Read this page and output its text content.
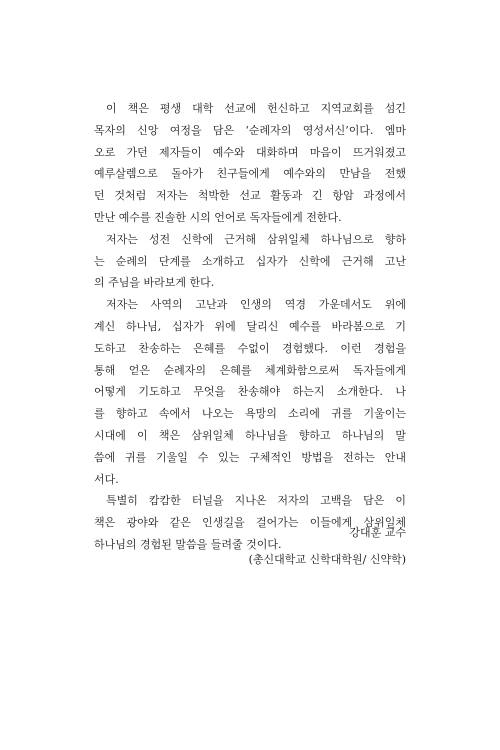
이 책은 평생 대학 선교에 헌신하고 지역교회를 섬긴
목자의 신앙 여정을 담은 ‘순례자의 영성서신’이다. 엠마
오로 가던 제자들이 예수와 대화하며 마음이 뜨거워졌고
예루살렘으로 돌아가 친구들에게 예수와의 만남을 전했
던 것처럼 저자는 척박한 선교 활동과 긴 항암 과정에서
만난 예수를 진솔한 시의 언어로 독자들에게 전한다.
저자는 성전 신학에 근거해 삼위일체 하나님으로 향하
는 순례의 단계를 소개하고 십자가 신학에 근거해 고난
의 주님을 바라보게 한다.
저자는 사역의 고난과 인생의 역경 가운데서도 위에
계신 하나님, 십자가 위에 달리신 예수를 바라봄으로 기
도하고 찬송하는 은혜를 수없이 경험했다. 이런 경험을
통해 얻은 순례자의 은혜를 체계화함으로써 독자들에게
어떻게 기도하고 무엇을 찬송해야 하는지 소개한다. 나
를 향하고 속에서 나오는 욕망의 소리에 귀를 기울이는
시대에 이 책은 삼위일체 하나님을 향하고 하나님의 말
씀에 귀를 기울일 수 있는 구체적인 방법을 전하는 안내
서다.
특별히 캄캄한 터널을 지나온 저자의 고백을 담은 이
책은 광야와 같은 인생길을 걸어가는 이들에게 삼위일체
하나님의 경험된 말씀을 들려줄 것이다.
강대훈 교수
(총신대학교 신학대학원/ 신약학)
